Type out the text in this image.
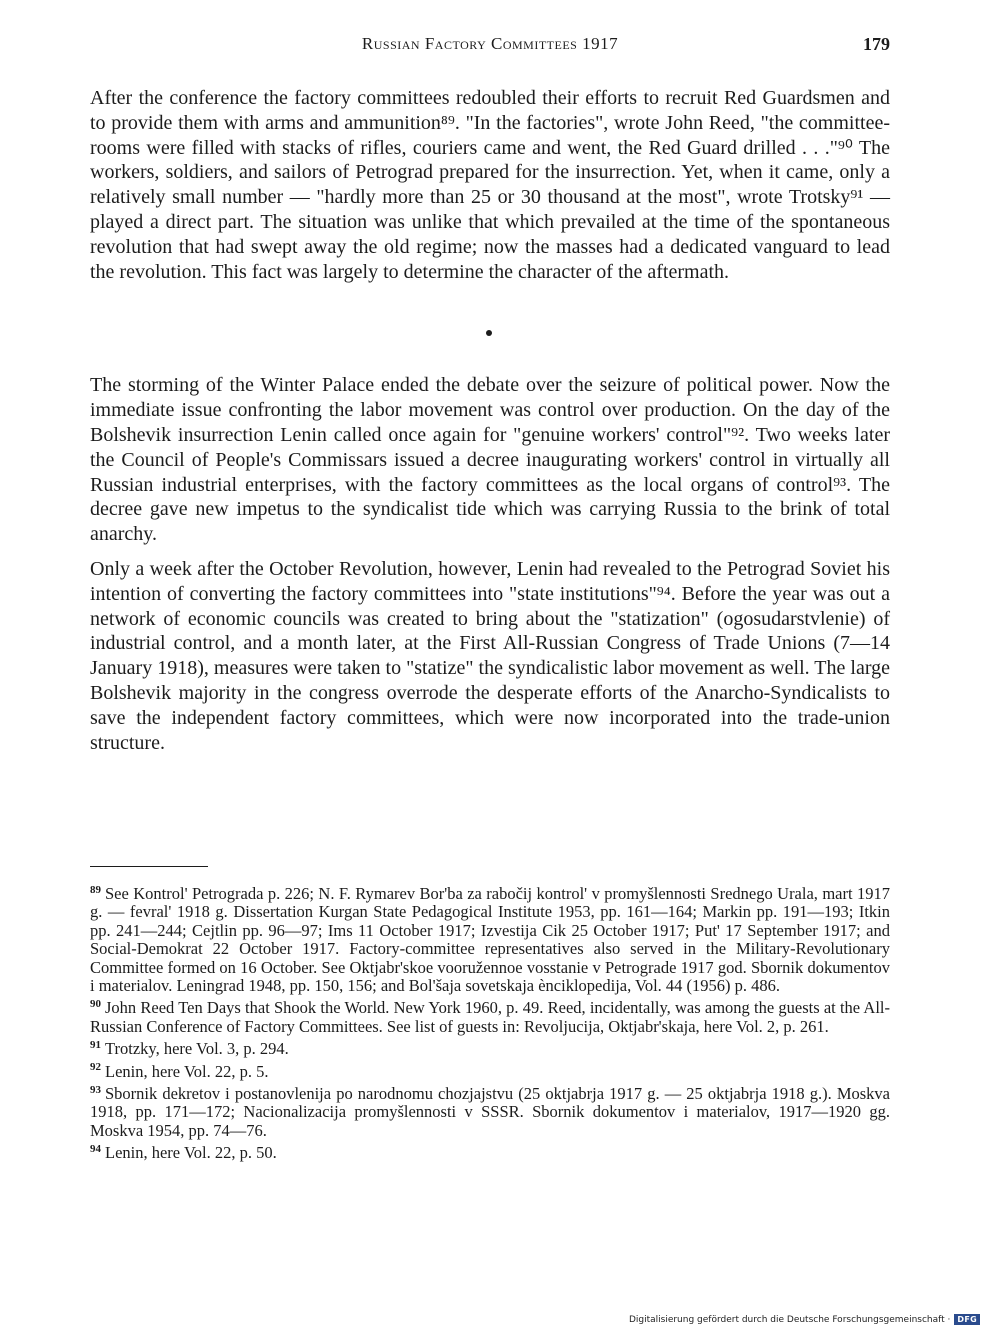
Russian Factory Committees 1917	179

After the conference the factory committees redoubled their efforts to recruit Red Guardsmen and to provide them with arms and ammunition⁸⁹. "In the factories", wrote John Reed, "the committee-rooms were filled with stacks of rifles, couriers came and went, the Red Guard drilled . . ."⁹⁰ The workers, soldiers, and sailors of Petrograd prepared for the insurrection. Yet, when it came, only a relatively small number — "hardly more than 25 or 30 thousand at the most", wrote Trotsky⁹¹ — played a direct part. The situation was unlike that which prevailed at the time of the spontaneous revolution that had swept away the old regime; now the masses had a dedicated vanguard to lead the revolution. This fact was largely to determine the character of the aftermath.

The storming of the Winter Palace ended the debate over the seizure of political power. Now the immediate issue confronting the labor movement was control over production. On the day of the Bolshevik insurrection Lenin called once again for "genuine workers' control"⁹². Two weeks later the Council of People's Commissars issued a decree inaugurating workers' control in virtually all Russian industrial enterprises, with the factory committees as the local organs of control⁹³. The decree gave new impetus to the syndicalist tide which was carrying Russia to the brink of total anarchy.

Only a week after the October Revolution, however, Lenin had revealed to the Petrograd Soviet his intention of converting the factory committees into "state institutions"⁹⁴. Before the year was out a network of economic councils was created to bring about the "statization" (ogosudarstvlenie) of industrial control, and a month later, at the First All-Russian Congress of Trade Unions (7—14 January 1918), measures were taken to "statize" the syndicalistic labor movement as well. The large Bolshevik majority in the congress overrode the desperate efforts of the Anarcho-Syndicalists to save the independent factory committees, which were now incorporated into the trade-union structure.

$^{89}$ See Kontrol' Petrograda p. 226; N. F. Rymarev Bor'ba za rabočij kontrol' v promyšlennosti Srednego Urala, mart 1917 g. — fevral' 1918 g. Dissertation Kurgan State Pedagogical Institute 1953, pp. 161—164; Markin pp. 191—193; Itkin pp. 241—244; Cejtlin pp. 96—97; Ims 11 October 1917; Izvestija Cik 25 October 1917; Put' 17 September 1917; and Social-Demokrat 22 October 1917. Factory-committee representatives also served in the Military-Revolutionary Committee formed on 16 October. See Oktjabr'skoe vooružennoe vosstanie v Petrograde 1917 god. Sbornik dokumentov i materialov. Leningrad 1948, pp. 150, 156; and Bol'šaja sovetskaja ènciklopedija, Vol. 44 (1956) p. 486.

$^{90}$ John Reed Ten Days that Shook the World. New York 1960, p. 49. Reed, incidentally, was among the guests at the All-Russian Conference of Factory Committees. See list of guests in: Revoljucija, Oktjabr'skaja, here Vol. 2, p. 261.

$^{91}$ Trotzky, here Vol. 3, p. 294.

$^{92}$ Lenin, here Vol. 22, p. 5.

$^{93}$ Sbornik dekretov i postanovlenija po narodnomu chozjajstvu (25 oktjabrja 1917 g. — 25 oktjabrja 1918 g.). Moskva 1918, pp. 171—172; Nacionalizacija promyšlennosti v SSSR. Sbornik dokumentov i materialov, 1917—1920 gg. Moskva 1954, pp. 74—76.

$^{94}$ Lenin, here Vol. 22, p. 50.

Digitalisierung gefördert durch die Deutsche Forschungsgemeinschaft · DFG
